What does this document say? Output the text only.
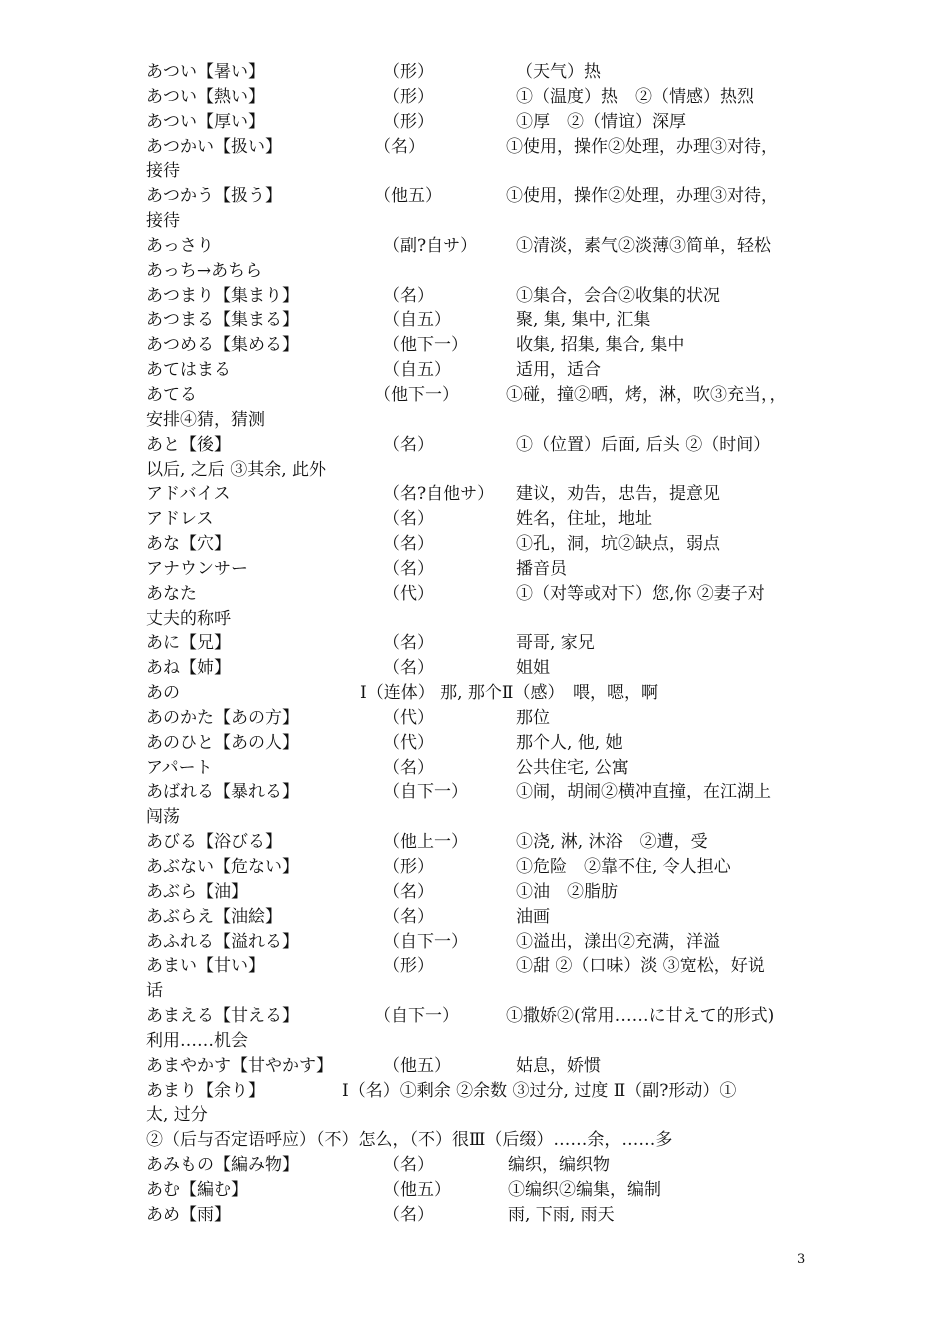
あつい【暑い】	（形）	（天气）热
あつい【熱い】	（形）	①（温度）热　②（情感）热烈
あつい【厚い】	（形）	①厚　②（情谊）深厚
あつかい【扱い】	（名）	①使用，操作②处理，办理③对待，
接待
あつかう【扱う】	（他五）	①使用，操作②处理，办理③对待，
接待
あっさり	（副?自サ） ①清淡，素气②淡薄③简单，轻松
あっち→あちら
あつまり【集まり】	（名）	①集合，会合②收集的状况
あつまる【集まる】	（自五）	聚, 集, 集中, 汇集
あつめる【集める】	（他下一）	收集, 招集, 集合, 集中
あてはまる	（自五）	适用，适合
あてる	（他下一）	①碰，撞②晒，烤，淋，吹③充当，，
安排④猜，猜测
あと【後】	（名）	①（位置）后面, 后头 ②（时间）
以后, 之后 ③其余, 此外
アドバイス	（名?自他サ） 建议，劝告，忠告，提意见
アドレス	（名）	姓名，住址，地址
あな【穴】	（名）	①孔，洞，坑②缺点，弱点
アナウンサー	（名）	播音员
あなた	（代）	①（对等或对下）您,你 ②妻子对
丈夫的称呼
あに【兄】	（名）	哥哥, 家兄
あね【姉】	（名）	姐姐
あの	Ⅰ（连体） 那, 那个Ⅱ（感）　喂，嗯，啊
あのかた【あの方】	（代）	那位
あのひと【あの人】	（代）	那个人, 他, 她
アパート	（名）	公共住宅, 公寓
あばれる【暴れる】	（自下一）	①闹，胡闹②横冲直撞，在江湖上
闯荡
あびる【浴びる】	（他上一）	①浇, 淋, 沐浴　②遭，受
あぶない【危ない】	（形）	①危险　②靠不住, 令人担心
あぶら【油】	（名）	①油　②脂肪
あぶらえ【油絵】	（名）	油画
あふれる【溢れる】	（自下一）	①溢出，漾出②充满，洋溢
あまい【甘い】	（形）	①甜 ②（口味）淡 ③宽松，好说
话
あまえる【甘える】	（自下一）	①撒娇②(常用……に甘えて的形式)
利用……机会
あまやかす【甘やかす】	（他五）	姑息，娇惯
あまり【余り】	Ⅰ（名）①剩余 ②余数 ③过分, 过度 Ⅱ（副?形动）①
太, 过分
②（后与否定语呼应）（不）怎么，（不）很Ⅲ（后缀）……余，……多
あみもの【編み物】	（名）	编织，编织物
あむ【編む】	（他五）	①编织②编集，编制
あめ【雨】	（名）	雨, 下雨, 雨天
3
